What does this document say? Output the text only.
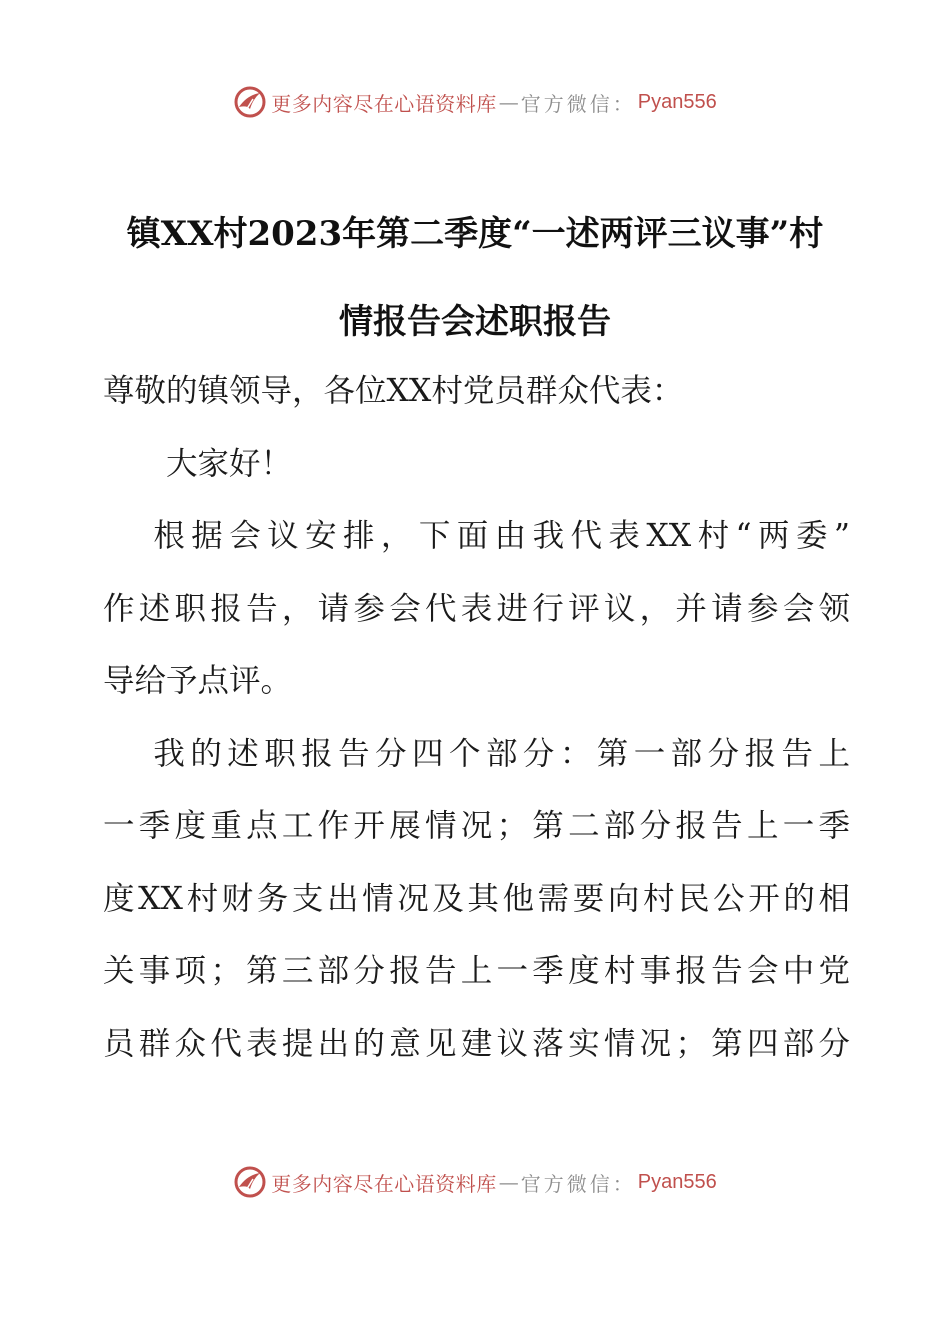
更多内容尽在心语资料库 — 官方微信： Pyan556
镇XX村2023年第二季度“一述两评三议事”村
情报告会述职报告

尊敬的镇领导，各位XX村党员群众代表：

大家好！

根据会议安排，下面由我代表XX村“两委”
作述职报告，请参会代表进行评议，并请参会领
导给予点评。

我的述职报告分四个部分：第一部分报告上
一季度重点工作开展情况；第二部分报告上一季
度XX村财务支出情况及其他需要向村民公开的相
关事项；第三部分报告上一季度村事报告会中党
员群众代表提出的意见建议落实情况；第四部分

更多内容尽在心语资料库 — 官方微信： Pyan556
